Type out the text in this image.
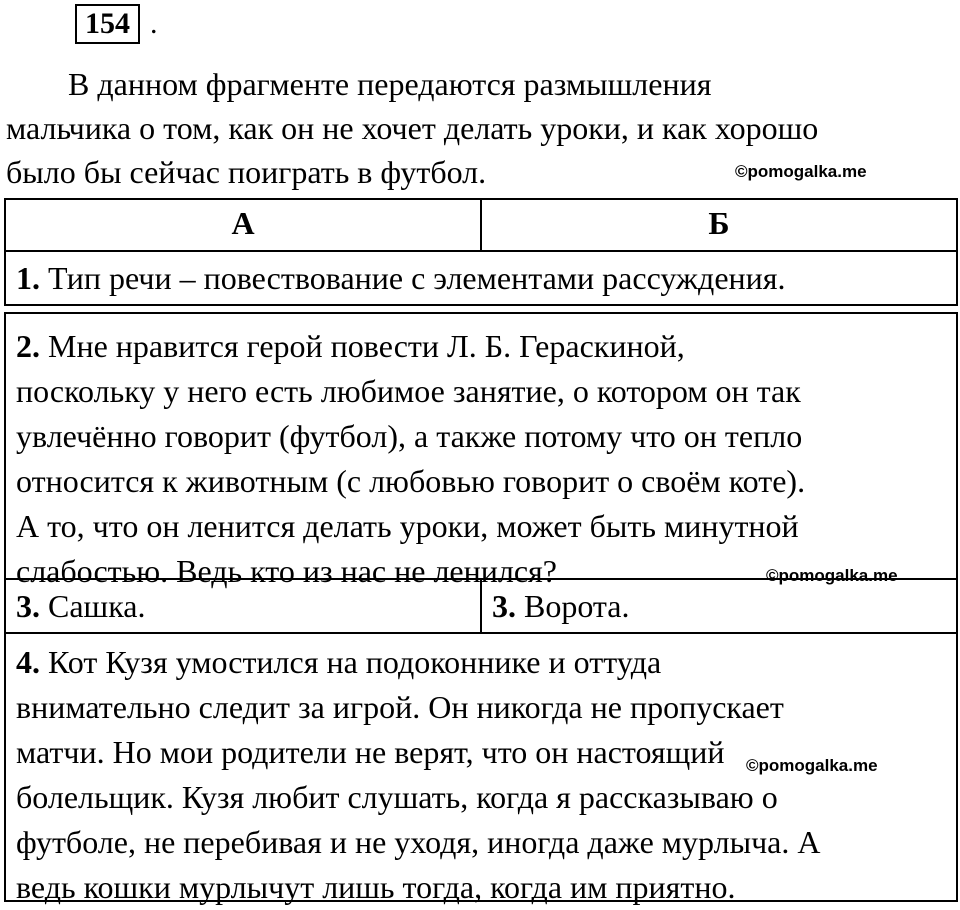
154 .

В данном фрагменте передаются размышления
мальчика о том, как он не хочет делать уроки, и как хорошо
было бы сейчас поиграть в футбол.	©pomogalka.me
А	Б
1. Тип речи – повествование с элементами рассуждения.
2. Мне нравится герой повести Л. Б. Гераскиной,
поскольку у него есть любимое занятие, о котором он так
увлечённо говорит (футбол), а также потому что он тепло
относится к животным (с любовью говорит о своём коте).
А то, что он ленится делать уроки, может быть минутной
слабостью. Ведь кто из нас не ленился?	©pomogalka.me
3. Сашка.	3. Ворота.
4. Кот Кузя умостился на подоконнике и оттуда
внимательно следит за игрой. Он никогда не пропускает
матчи. Но мои родители не верят, что он настоящий
болельщик. Кузя любит слушать, когда я рассказываю о
футболе, не перебивая и не уходя, иногда даже мурлыча. А
ведь кошки мурлычут лишь тогда, когда им приятно.
©pomogalka.me
